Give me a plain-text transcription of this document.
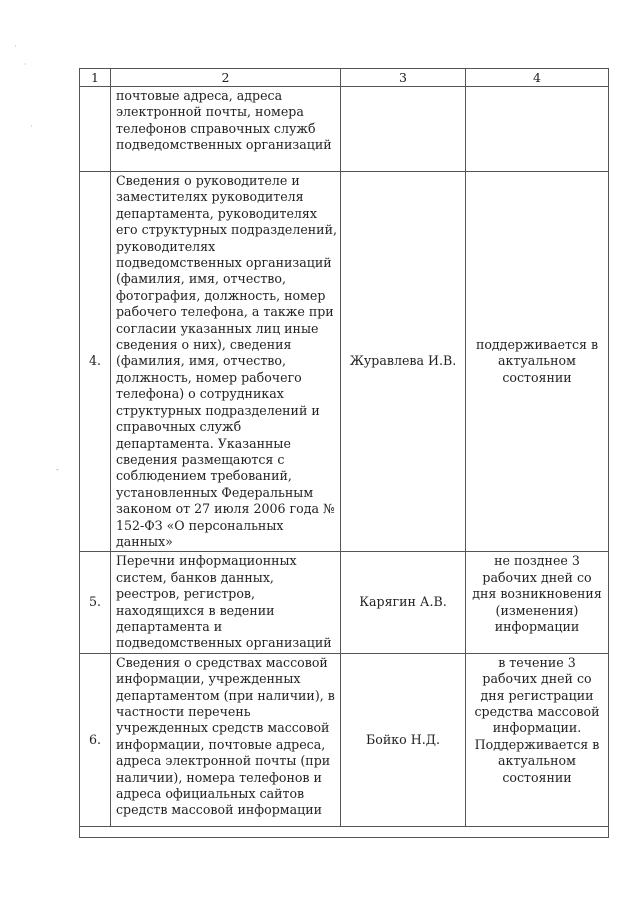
·
·
·
-
1	2	3	4
	почтовые адреса, адреса электронной почты, номера телефонов справочных служб подведомственных организаций		
4.	Сведения о руководителе и заместителях руководителя департамента, руководителях его структурных подразделений, руководителях подведомственных организаций (фамилия, имя, отчество, фотография, должность, номер рабочего телефона, а также при согласии указанных лиц иные сведения о них), сведения (фамилия, имя, отчество, должность, номер рабочего телефона) о сотрудниках структурных подразделений и справочных служб департамента. Указанные сведения размещаются с соблюдением требований, установленных Федеральным законом от 27 июля 2006 года № 152-ФЗ «О персональных данных»	Журавлева И.В.	поддерживается в актуальном состоянии
5.	Перечни информационных систем, банков данных, реестров, регистров, находящихся в ведении департамента и подведомственных организаций	Карягин А.В.	не позднее 3 рабочих дней со дня возникновения (изменения) информации
6.	Сведения о средствах массовой информации, учрежденных департаментом (при наличии), в частности перечень учрежденных средств массовой информации, почтовые адреса, адреса электронной почты (при наличии), номера телефонов и адреса официальных сайтов средств массовой информации	Бойко Н.Д.	в течение 3 рабочих дней со дня регистрации средства массовой информации. Поддерживается в актуальном состоянии
